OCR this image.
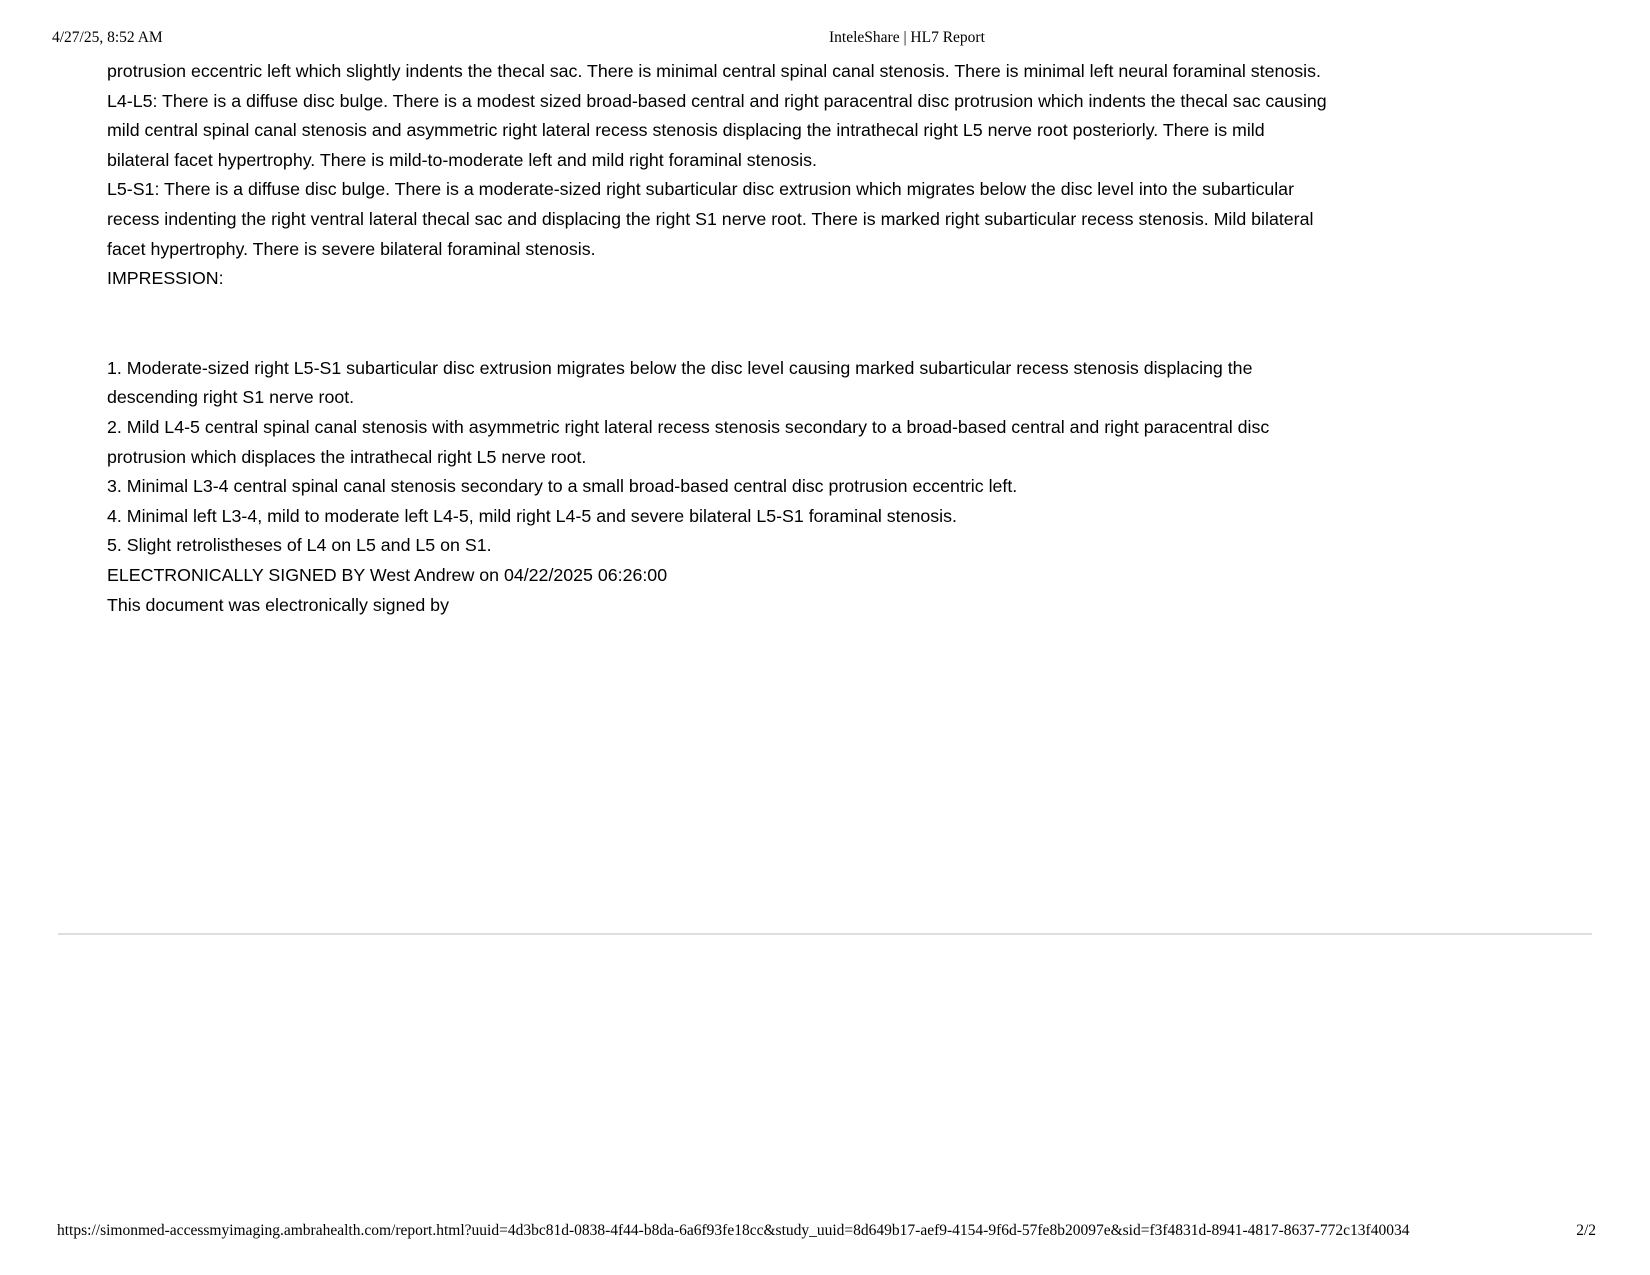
4/27/25, 8:52 AM	InteleShare | HL7 Report

protrusion eccentric left which slightly indents the thecal sac. There is minimal central spinal canal stenosis. There is minimal left neural foraminal stenosis.

L4-L5: There is a diffuse disc bulge. There is a modest sized broad-based central and right paracentral disc protrusion which indents the thecal sac causing mild central spinal canal stenosis and asymmetric right lateral recess stenosis displacing the intrathecal right L5 nerve root posteriorly. There is mild bilateral facet hypertrophy. There is mild-to-moderate left and mild right foraminal stenosis.

L5-S1: There is a diffuse disc bulge. There is a moderate-sized right subarticular disc extrusion which migrates below the disc level into the subarticular recess indenting the right ventral lateral thecal sac and displacing the right S1 nerve root. There is marked right subarticular recess stenosis. Mild bilateral facet hypertrophy. There is severe bilateral foraminal stenosis.

IMPRESSION:

1. Moderate-sized right L5-S1 subarticular disc extrusion migrates below the disc level causing marked subarticular recess stenosis displacing the descending right S1 nerve root.

2. Mild L4-5 central spinal canal stenosis with asymmetric right lateral recess stenosis secondary to a broad-based central and right paracentral disc protrusion which displaces the intrathecal right L5 nerve root.

3. Minimal L3-4 central spinal canal stenosis secondary to a small broad-based central disc protrusion eccentric left.

4. Minimal left L3-4, mild to moderate left L4-5, mild right L4-5 and severe bilateral L5-S1 foraminal stenosis.

5. Slight retrolistheses of L4 on L5 and L5 on S1.

ELECTRONICALLY SIGNED BY West Andrew on 04/22/2025 06:26:00

This document was electronically signed by

https://simonmed-accessmyimaging.ambrahealth.com/report.html?uuid=4d3bc81d-0838-4f44-b8da-6a6f93fe18cc&study_uuid=8d649b17-aef9-4154-9f6d-57fe8b20097e&sid=f3f4831d-8941-4817-8637-772c13f40034	2/2
